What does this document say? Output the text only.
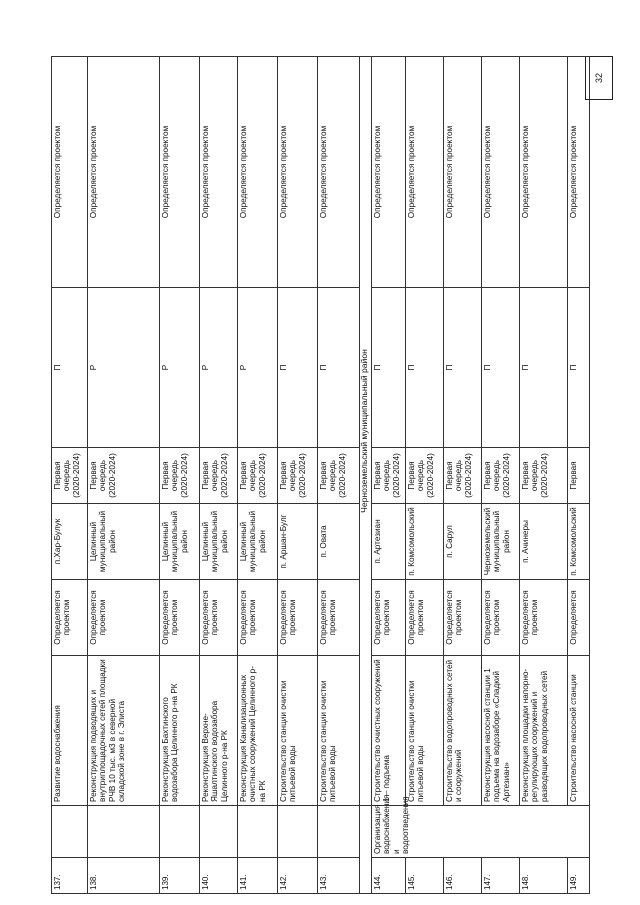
32
137.		Развитие водоснабжения	Определяется проектом	п.Хар-Булук	Первая очередь (2020-2024)	П	Определяется проектом
138.		Реконструкция подводящих и внутриплощадочных сетей площадки РЧВ 10 тыс. м3 в северной складской зоне в г. Элиста	Определяется проектом	Целинный муниципальный район	Первая очередь (2020-2024)	Р	Определяется проектом
139.		Реконструкция Бахтинского водозабора Целинного р-на РК	Определяется проектом	Целинный муниципальный район	Первая очередь (2020-2024)	Р	Определяется проектом
140.		Реконструкция Верхне-Яшалтинского водозабора Целинного р-на РК	Определяется проектом	Целинный муниципальный район	Первая очередь (2020-2024)	Р	Определяется проектом
141.		Реконструкция Канализационных очистных сооружений Целинного р-на РК	Определяется проектом	Целинный муниципальный район	Первая очередь (2020-2024)	Р	Определяется проектом
142.		Строительство станции очистки питьевой воды	Определяется проектом	п. Аршан-Булг	Первая очередь (2020-2024)	П	Определяется проектом
143.		Строительство станции очистки питьевой воды	Определяется проектом	п. Овата	Первая очередь (2020-2024)	П	Определяется проектом
		Черноземельский муниципальный район					
144.	Организация водоснабжения и водоотведения	Строительство очистных сооружений 1 – подъема	Определяется проектом	п. Артезиан	Первая очередь (2020-2024)	П	Определяется проектом
145.		Строительство станции очистки питьевой воды	Определяется проектом	п. Комсомольский	Первая очередь (2020-2024)	П	Определяется проектом
146.		Строительство водопроводных сетей и сооружений	Определяется проектом	п. Сарул	Первая очередь (2020-2024)	П	Определяется проектом
147.		Реконструкция насосной станции 1 подъема на водозаборе «Сладкий Артезиан»	Определяется проектом	Черноземельский муниципальный район	Первая очередь (2020-2024)	П	Определяется проектом
148.		Реконструкция площадки напорно-регулирующих сооружений и разводящих водопроводных сетей	Определяется проектом	п. Ачинеры	Первая очередь (2020-2024)	П	Определяется проектом
149.		Строительство насосной станции	Определяется	п. Комсомольский	Первая	П	Определяется проектом
